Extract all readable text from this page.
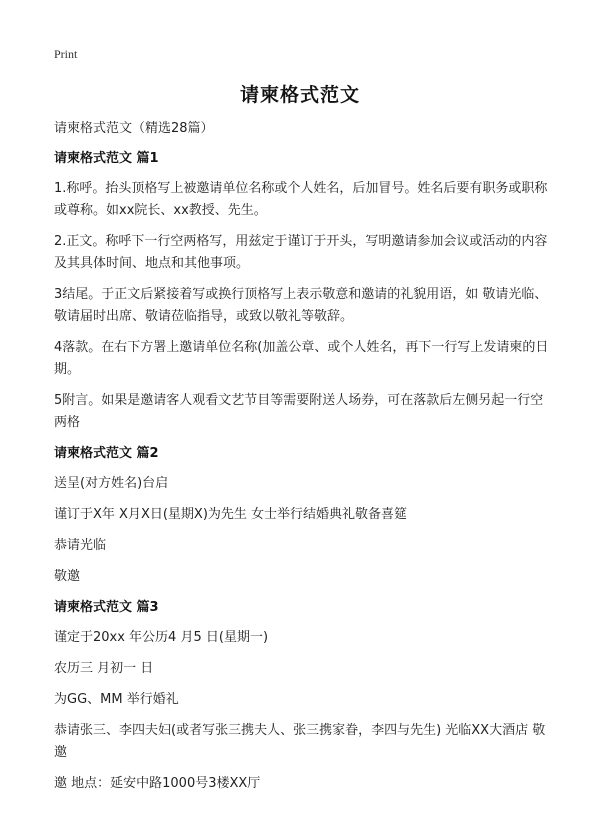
Print
请柬格式范文

请柬格式范文（精选28篇）

请柬格式范文 篇1

1.称呼。抬头顶格写上被邀请单位名称或个人姓名，后加冒号。姓名后要有职务或职称或尊称。如xx院长、xx教授、先生。

2.正文。称呼下一行空两格写，用兹定于谨订于开头，写明邀请参加会议或活动的内容及其具体时间、地点和其他事项。

3结尾。于正文后紧接着写或换行顶格写上表示敬意和邀请的礼貌用语，如 敬请光临、敬请届时出席、敬请莅临指导，或致以敬礼等敬辞。

4落款。在右下方署上邀请单位名称(加盖公章、或个人姓名，再下一行写上发请柬的日期。

5附言。如果是邀请客人观看文艺节目等需要附送人场券，可在落款后左侧另起一行空两格

请柬格式范文 篇2

送呈(对方姓名)台启

谨订于X年 X月X日(星期X)为先生 女士举行结婚典礼敬备喜筵

恭请光临

敬邀

请柬格式范文 篇3

谨定于20xx 年公历4 月5 日(星期一)

农历三 月初一 日

为GG、MM 举行婚礼

恭请张三、李四夫妇(或者写张三携夫人、张三携家眷，李四与先生) 光临XX大酒店 敬邀

邀 地点：延安中路1000号3楼XX厅
